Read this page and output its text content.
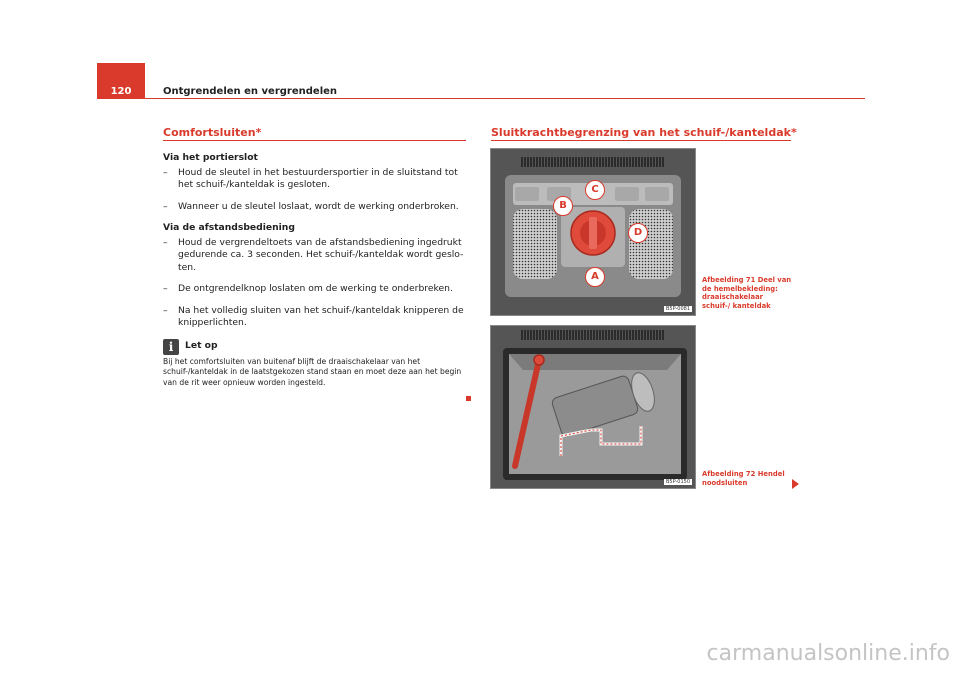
120	Ontgrendelen en vergrendelen
Comfortsluiten*
Via het portierslot
– Houd de sleutel in het bestuurdersportier in de sluitstand tot het schuif-/kanteldak is gesloten.
– Wanneer u de sleutel loslaat, wordt de werking onderbroken.
Via de afstandsbediening
– Houd de vergrendeltoets van de afstandsbediening ingedrukt gedurende ca. 3 seconden. Het schuif-/kanteldak wordt geslo-ten.
– De ontgrendelknop loslaten om de werking te onderbreken.
– Na het volledig sluiten van het schuif-/kanteldak knipperen de knipperlichten.
i	Let op
Bij het comfortsluiten van buitenaf blijft de draaischakelaar van het schuif-/kanteldak in de laatstgekozen stand staan en moet deze aan het begin van de rit weer opnieuw worden ingesteld.
Sluitkrachtbegrenzing van het schuif-/kanteldak*
A
B
C
D
B5P-0081
Afbeelding 71 Deel van de hemelbekleding: draaischakelaar schuif-/ kanteldak
B5P-0150
Afbeelding 72 Hendel noodsluiten
carmanualsonline.info
